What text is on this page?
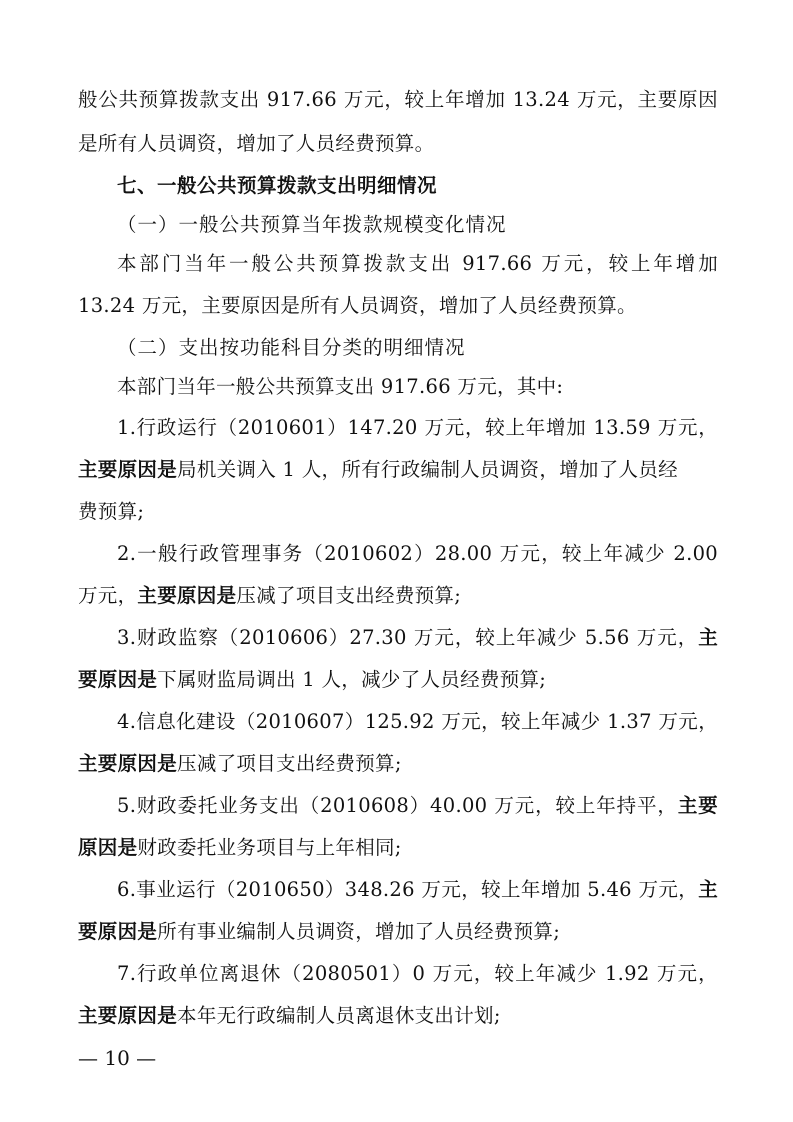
般公共预算拨款支出 917.66 万元，较上年增加 13.24 万元，主要原因
是所有人员调资，增加了人员经费预算。
七、一般公共预算拨款支出明细情况
（一）一般公共预算当年拨款规模变化情况
本部门当年一般公共预算拨款支出 917.66 万元，较上年增加
13.24 万元，主要原因是所有人员调资，增加了人员经费预算。
（二）支出按功能科目分类的明细情况
本部门当年一般公共预算支出 917.66 万元，其中:
1.行政运行（2010601）147.20 万元，较上年增加 13.59 万元，
主要原因是局机关调入 1 人，所有行政编制人员调资，增加了人员经
费预算;
2.一般行政管理事务（2010602）28.00 万元，较上年减少 2.00
万元，主要原因是压减了项目支出经费预算;
3.财政监察（2010606）27.30 万元，较上年减少 5.56 万元，主
要原因是下属财监局调出 1 人，减少了人员经费预算;
4.信息化建设（2010607）125.92 万元，较上年减少 1.37 万元，
主要原因是压减了项目支出经费预算;
5.财政委托业务支出（2010608）40.00 万元，较上年持平，主要
原因是财政委托业务项目与上年相同;
6.事业运行（2010650）348.26 万元，较上年增加 5.46 万元，主
要原因是所有事业编制人员调资，增加了人员经费预算;
7.行政单位离退休（2080501）0 万元，较上年减少 1.92 万元，
主要原因是本年无行政编制人员离退休支出计划;
— 10 —
